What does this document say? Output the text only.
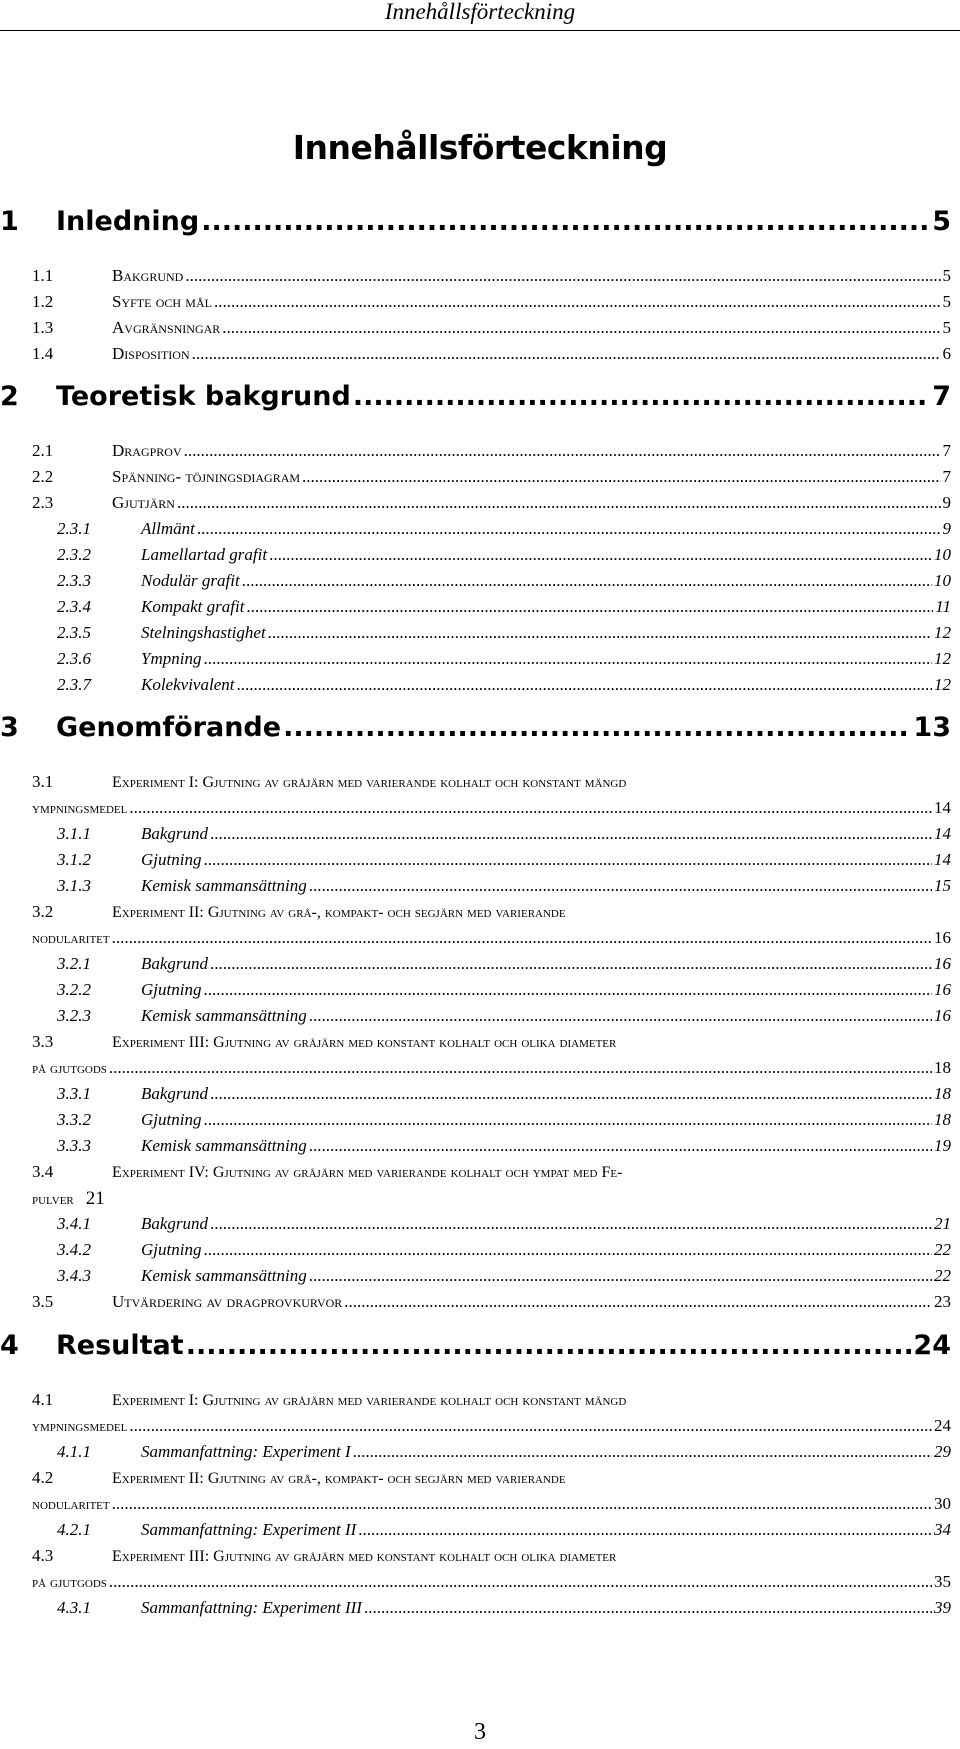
Innehållsförteckning
Innehållsförteckning
1	Inledning .....	5
1.1	Bakgrund .....	5
1.2	Syfte och mål .....	5
1.3	Avgränsningar .....	5
1.4	Disposition .....	6
2	Teoretisk bakgrund .....	7
2.1	Dragprov .....	7
2.2	Spänning- töjningsdiagram .....	7
2.3	Gjutjärn .....	9
2.3.1	Allmänt .....	9
2.3.2	Lamellartad grafit .....	10
2.3.3	Nodulär grafit .....	10
2.3.4	Kompakt grafit .....	11
2.3.5	Stelningshastighet .....	12
2.3.6	Ympning .....	12
2.3.7	Kolekvivalent .....	12
3	Genomförande .....	13
3.1	Experiment I: Gjutning av gråjärn med varierande kolhalt och konstant mängd
ympningsmedel .....	14
3.1.1	Bakgrund .....	14
3.1.2	Gjutning .....	14
3.1.3	Kemisk sammansättning .....	15
3.2	Experiment II: Gjutning av grå-, kompakt- och segjärn med varierande
nodularitet .....	16
3.2.1	Bakgrund .....	16
3.2.2	Gjutning .....	16
3.2.3	Kemisk sammansättning .....	16
3.3	Experiment III: Gjutning av gråjärn med konstant kolhalt och olika diameter
på gjutgods .....	18
3.3.1	Bakgrund .....	18
3.3.2	Gjutning .....	18
3.3.3	Kemisk sammansättning .....	19
3.4	Experiment IV: Gjutning av gråjärn med varierande kolhalt och ympat med Fe-
pulver 21
3.4.1	Bakgrund .....	21
3.4.2	Gjutning .....	22
3.4.3	Kemisk sammansättning .....	22
3.5	Utvärdering av dragprovkurvor .....	23
4	Resultat .....	24
4.1	Experiment I: Gjutning av gråjärn med varierande kolhalt och konstant mängd
ympningsmedel .....	24
4.1.1	Sammanfattning: Experiment I .....	29
4.2	Experiment II: Gjutning av grå-, kompakt- och segjärn med varierande
nodularitet .....	30
4.2.1	Sammanfattning: Experiment II .....	34
4.3	Experiment III: Gjutning av gråjärn med konstant kolhalt och olika diameter
på gjutgods .....	35
4.3.1	Sammanfattning: Experiment III .....	39
3
